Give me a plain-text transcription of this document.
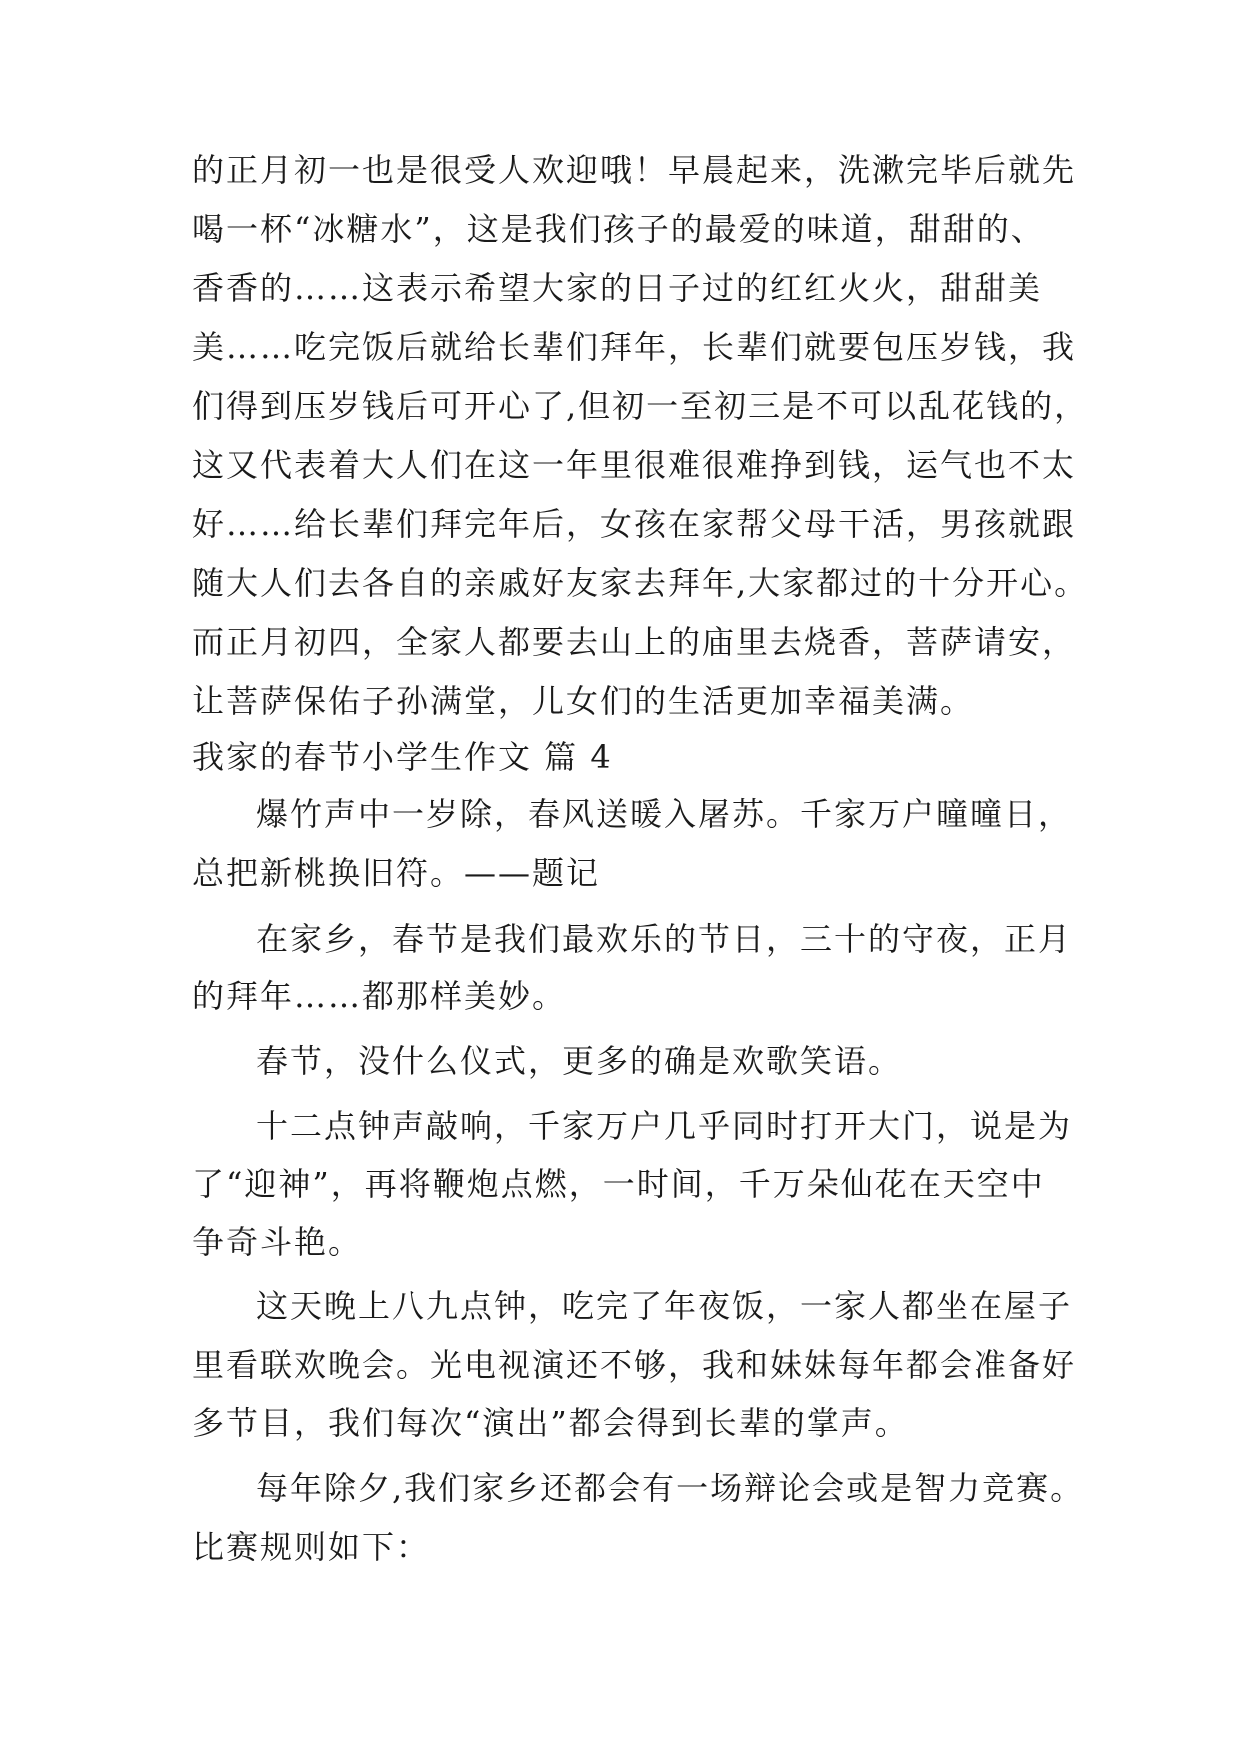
的正月初一也是很受人欢迎哦！早晨起来，洗漱完毕后就先
喝一杯“冰糖水”，这是我们孩子的最爱的味道，甜甜的、
香香的……这表示希望大家的日子过的红红火火，甜甜美
美……吃完饭后就给长辈们拜年，长辈们就要包压岁钱，我
们得到压岁钱后可开心了,但初一至初三是不可以乱花钱的，
这又代表着大人们在这一年里很难很难挣到钱，运气也不太
好……给长辈们拜完年后，女孩在家帮父母干活，男孩就跟
随大人们去各自的亲戚好友家去拜年,大家都过的十分开心。
而正月初四，全家人都要去山上的庙里去烧香，菩萨请安，
让菩萨保佑子孙满堂，儿女们的生活更加幸福美满。
我家的春节小学生作文 篇 4
爆竹声中一岁除，春风送暖入屠苏。千家万户曈曈日，
总把新桃换旧符。——题记
在家乡，春节是我们最欢乐的节日，三十的守夜，正月
的拜年……都那样美妙。
春节，没什么仪式，更多的确是欢歌笑语。
十二点钟声敲响，千家万户几乎同时打开大门，说是为
了“迎神”，再将鞭炮点燃，一时间，千万朵仙花在天空中
争奇斗艳。
这天晚上八九点钟，吃完了年夜饭，一家人都坐在屋子
里看联欢晚会。光电视演还不够，我和妹妹每年都会准备好
多节目，我们每次“演出”都会得到长辈的掌声。
每年除夕,我们家乡还都会有一场辩论会或是智力竞赛。
比赛规则如下：
